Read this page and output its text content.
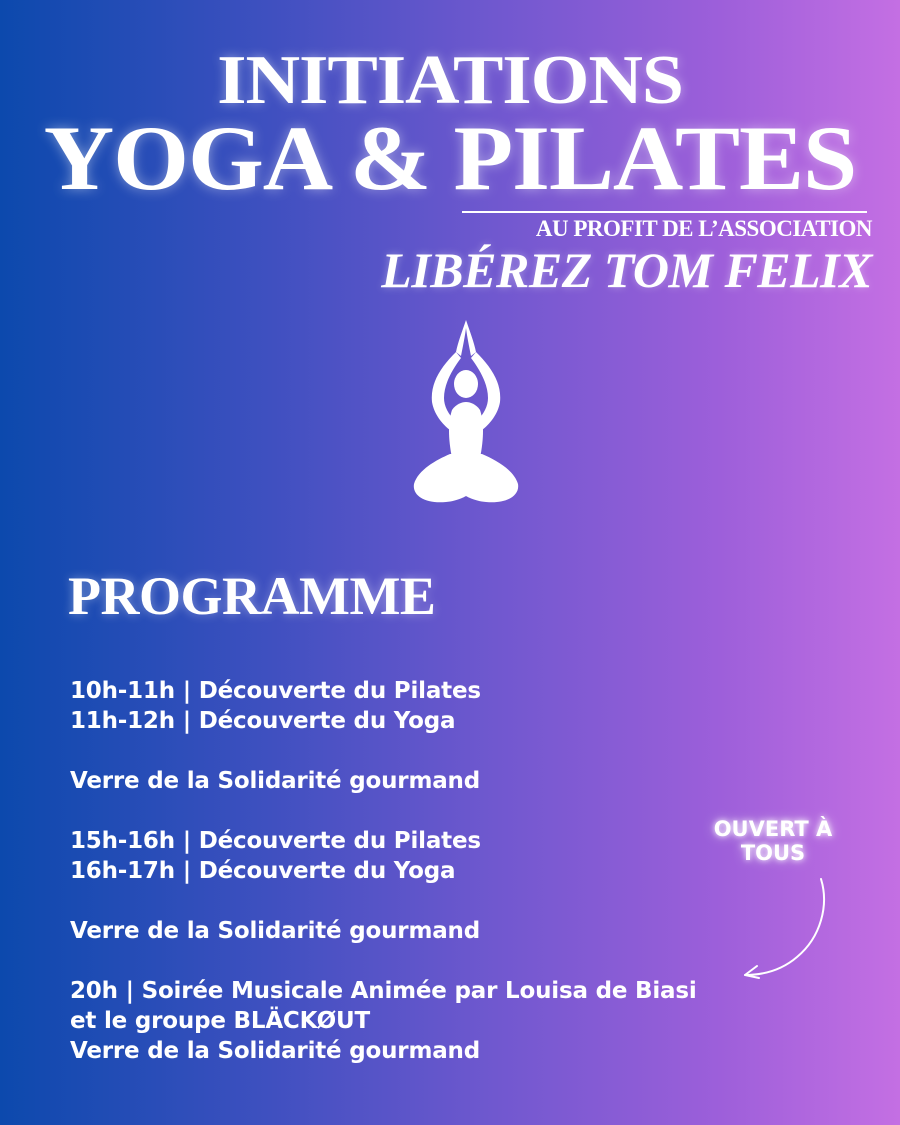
INITIATIONS
YOGA & PILATES
AU PROFIT DE L’ASSOCIATION
LIBÉREZ TOM FELIX
PROGRAMME
10h-11h | Découverte du Pilates
11h-12h | Découverte du Yoga
Verre de la Solidarité gourmand
15h-16h | Découverte du Pilates
16h-17h | Découverte du Yoga
Verre de la Solidarité gourmand
20h | Soirée Musicale Animée par Louisa de Biasi
et le groupe BLÄCKØUT
Verre de la Solidarité gourmand
OUVERT À
TOUS
